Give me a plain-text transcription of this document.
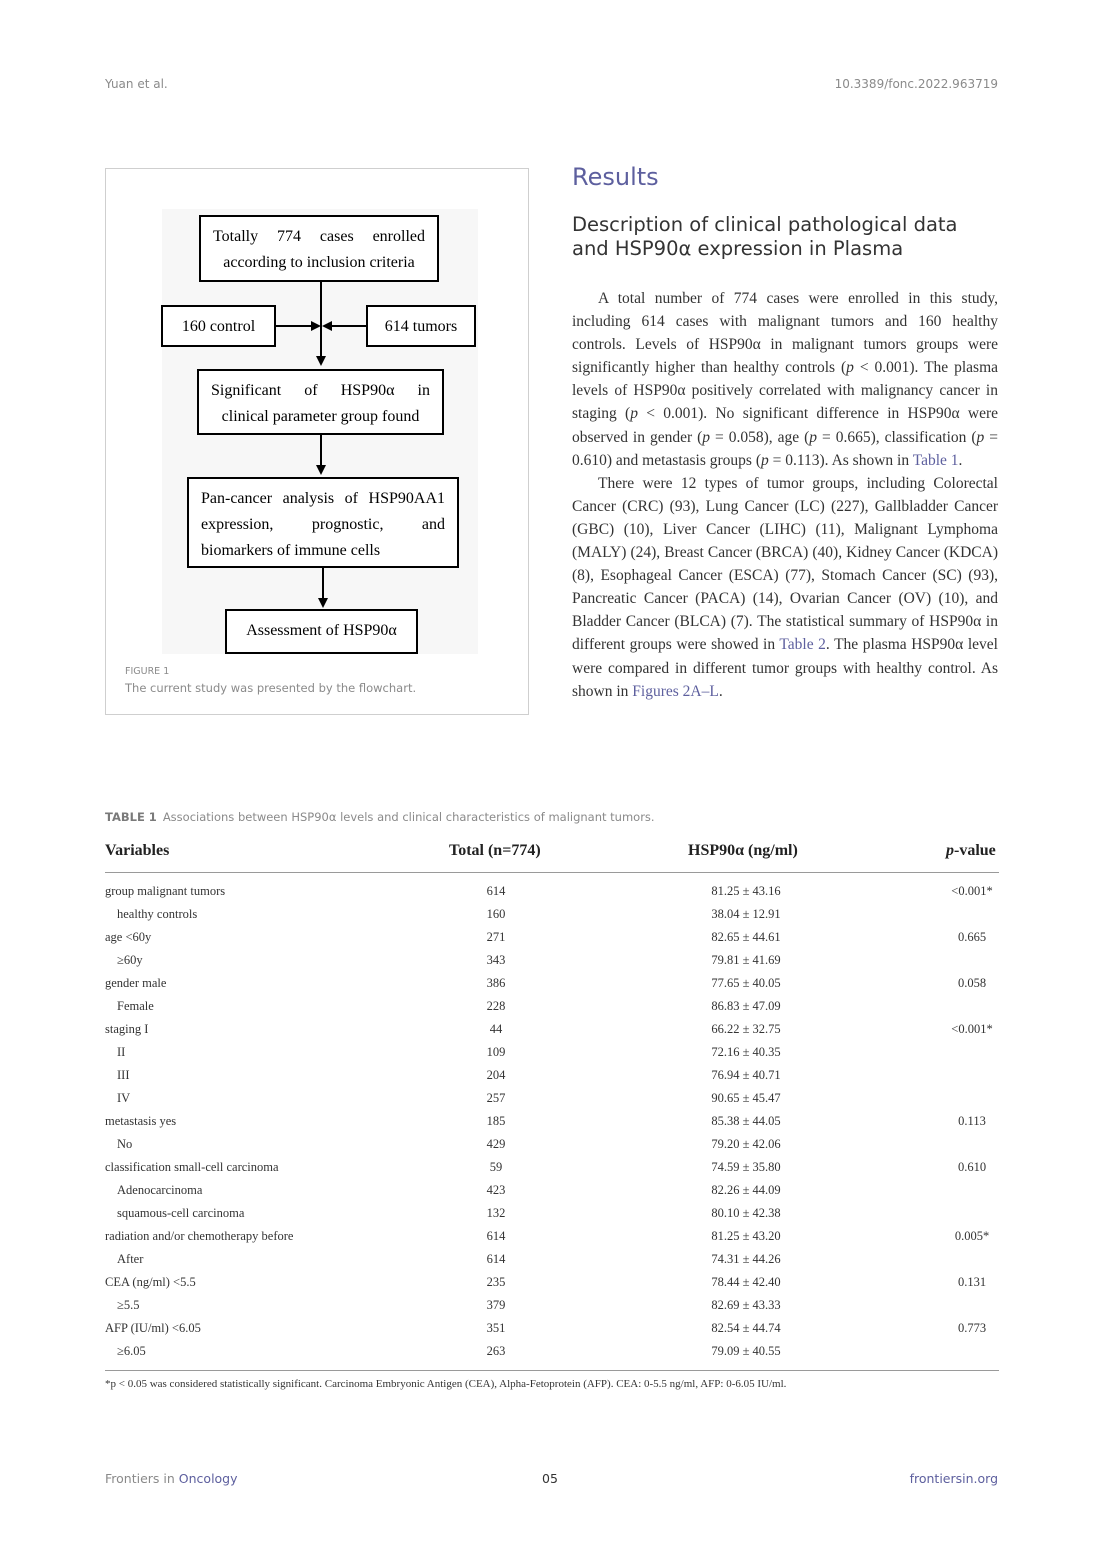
Yuan et al.	10.3389/fonc.2022.963719
Totally 774 cases enrolled
according to inclusion criteria
160 control	614 tumors
Significant of HSP90α in
clinical parameter group found
Pan-cancer analysis of HSP90AA1
expression, prognostic, and
biomarkers of immune cells
Assessment of HSP90α
FIGURE 1
The current study was presented by the flowchart.
Results
Description of clinical pathological data
and HSP90α expression in Plasma

A total number of 774 cases were enrolled in this study, including 614 cases with malignant tumors and 160 healthy controls. Levels of HSP90α in malignant tumors groups were significantly higher than healthy controls (p < 0.001). The plasma levels of HSP90α positively correlated with malignancy cancer in staging (p < 0.001). No significant difference in HSP90α were observed in gender (p = 0.058), age (p = 0.665), classification (p = 0.610) and metastasis groups (p = 0.113). As shown in Table 1.

There were 12 types of tumor groups, including Colorectal Cancer (CRC) (93), Lung Cancer (LC) (227), Gallbladder Cancer (GBC) (10), Liver Cancer (LIHC) (11), Malignant Lymphoma (MALY) (24), Breast Cancer (BRCA) (40), Kidney Cancer (KDCA) (8), Esophageal Cancer (ESCA) (77), Stomach Cancer (SC) (93), Pancreatic Cancer (PACA) (14), Ovarian Cancer (OV) (10), and Bladder Cancer (BLCA) (7). The statistical summary of HSP90α in different groups were showed in Table 2. The plasma HSP90α level were compared in different tumor groups with healthy control. As shown in Figures 2A–L.

TABLE 1 Associations between HSP90α levels and clinical characteristics of malignant tumors.
Variables	Total (n=774)	HSP90α (ng/ml)	p-value
group malignant tumors	614	81.25 ± 43.16	<0.001*
healthy controls	160	38.04 ± 12.91
age <60y	271	82.65 ± 44.61	0.665
≥60y	343	79.81 ± 41.69
gender male	386	77.65 ± 40.05	0.058
Female	228	86.83 ± 47.09
staging I	44	66.22 ± 32.75	<0.001*
II	109	72.16 ± 40.35
III	204	76.94 ± 40.71
IV	257	90.65 ± 45.47
metastasis yes	185	85.38 ± 44.05	0.113
No	429	79.20 ± 42.06
classification small-cell carcinoma	59	74.59 ± 35.80	0.610
Adenocarcinoma	423	82.26 ± 44.09
squamous-cell carcinoma	132	80.10 ± 42.38
radiation and/or chemotherapy before	614	81.25 ± 43.20	0.005*
After	614	74.31 ± 44.26
CEA (ng/ml) <5.5	235	78.44 ± 42.40	0.131
≥5.5	379	82.69 ± 43.33
AFP (IU/ml) <6.05	351	82.54 ± 44.74	0.773
≥6.05	263	79.09 ± 40.55
*p < 0.05 was considered statistically significant. Carcinoma Embryonic Antigen (CEA), Alpha-Fetoprotein (AFP). CEA: 0-5.5 ng/ml, AFP: 0-6.05 IU/ml.
Frontiers in Oncology	05	frontiersin.org
